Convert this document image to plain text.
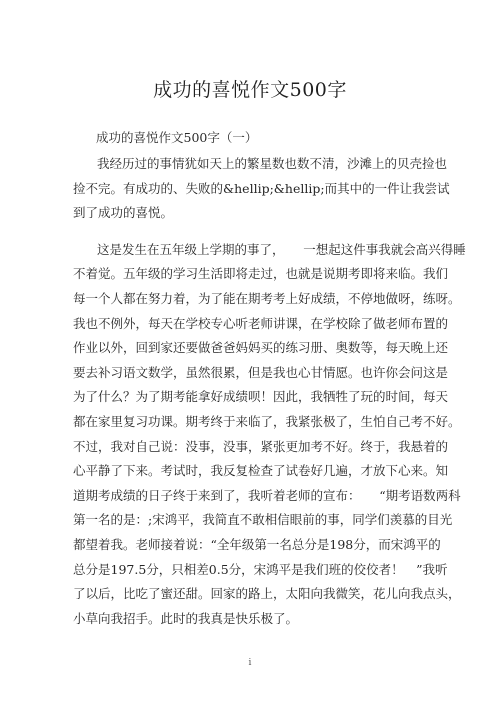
成功的喜悦作文500字
成功的喜悦作文500字（一）
我经历过的事情犹如天上的繁星数也数不清，沙滩上的贝壳捡也
捡不完。有成功的、失败的&hellip;&hellip;而其中的一件让我尝试
到了成功的喜悦。
这是发生在五年级上学期的事了，　　一想起这件事我就会高兴得睡
不着觉。五年级的学习生活即将走过，也就是说期考即将来临。我们
每一个人都在努力着，为了能在期考考上好成绩，不停地做呀，练呀。
我也不例外，每天在学校专心听老师讲课，在学校除了做老师布置的
作业以外，回到家还要做爸爸妈妈买的练习册、奥数等，每天晚上还
要去补习语文数学，虽然很累，但是我也心甘情愿。也许你会问这是
为了什么？为了期考能拿好成绩呗！因此，我牺牲了玩的时间，每天
都在家里复习功课。期考终于来临了，我紧张极了，生怕自己考不好。
不过，我对自己说：没事，没事，紧张更加考不好。终于，我悬着的
心平静了下来。考试时，我反复检查了试卷好几遍，才放下心来。知
道期考成绩的日子终于来到了，我听着老师的宣布：　　“期考语数两科
第一名的是：;宋鸿平，我简直不敢相信眼前的事，同学们羡慕的目光
都望着我。老师接着说：“全年级第一名总分是198分，而宋鸿平的
总分是197.5分，只相差0.5分，宋鸿平是我们班的佼佼者！　”我听
了以后，比吃了蜜还甜。回家的路上，太阳向我微笑，花儿向我点头，
小草向我招手。此时的我真是快乐极了。
i
